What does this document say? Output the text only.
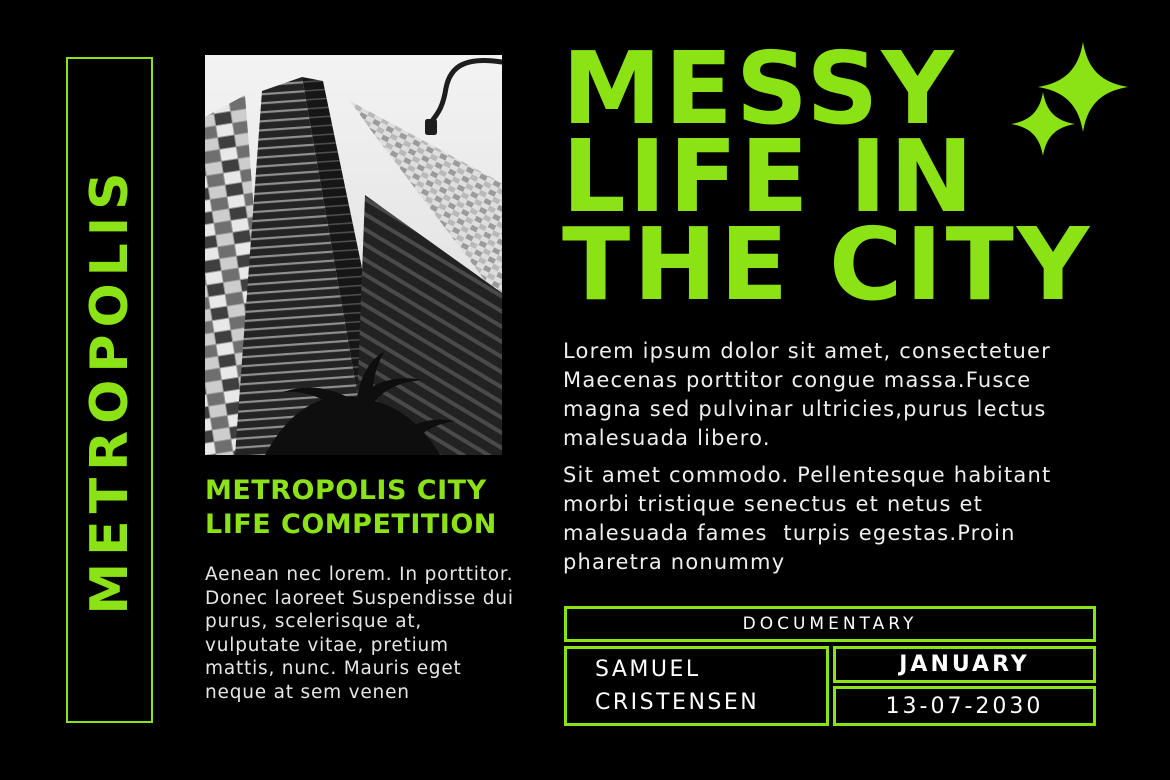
METROPOLIS METROPOLIS CITY LIFE COMPETITION
Aenean nec lorem. In porttitor. Donec laoreet Suspendisse dui purus, scelerisque at, vulputate vitae, pretium mattis, nunc. Mauris eget neque at sem venen
MESSY
LIFE IN
THE CITY

Lorem ipsum dolor sit amet, consectetuer Maecenas porttitor congue massa.Fusce magna sed pulvinar ultricies,purus lectus malesuada libero.

Sit amet commodo. Pellentesque habitant morbi tristique senectus et netus et malesuada fames  turpis egestas.Proin pharetra nonummy

DOCUMENTARY
SAMUEL CRISTENSEN
JANUARY
13-07-2030
